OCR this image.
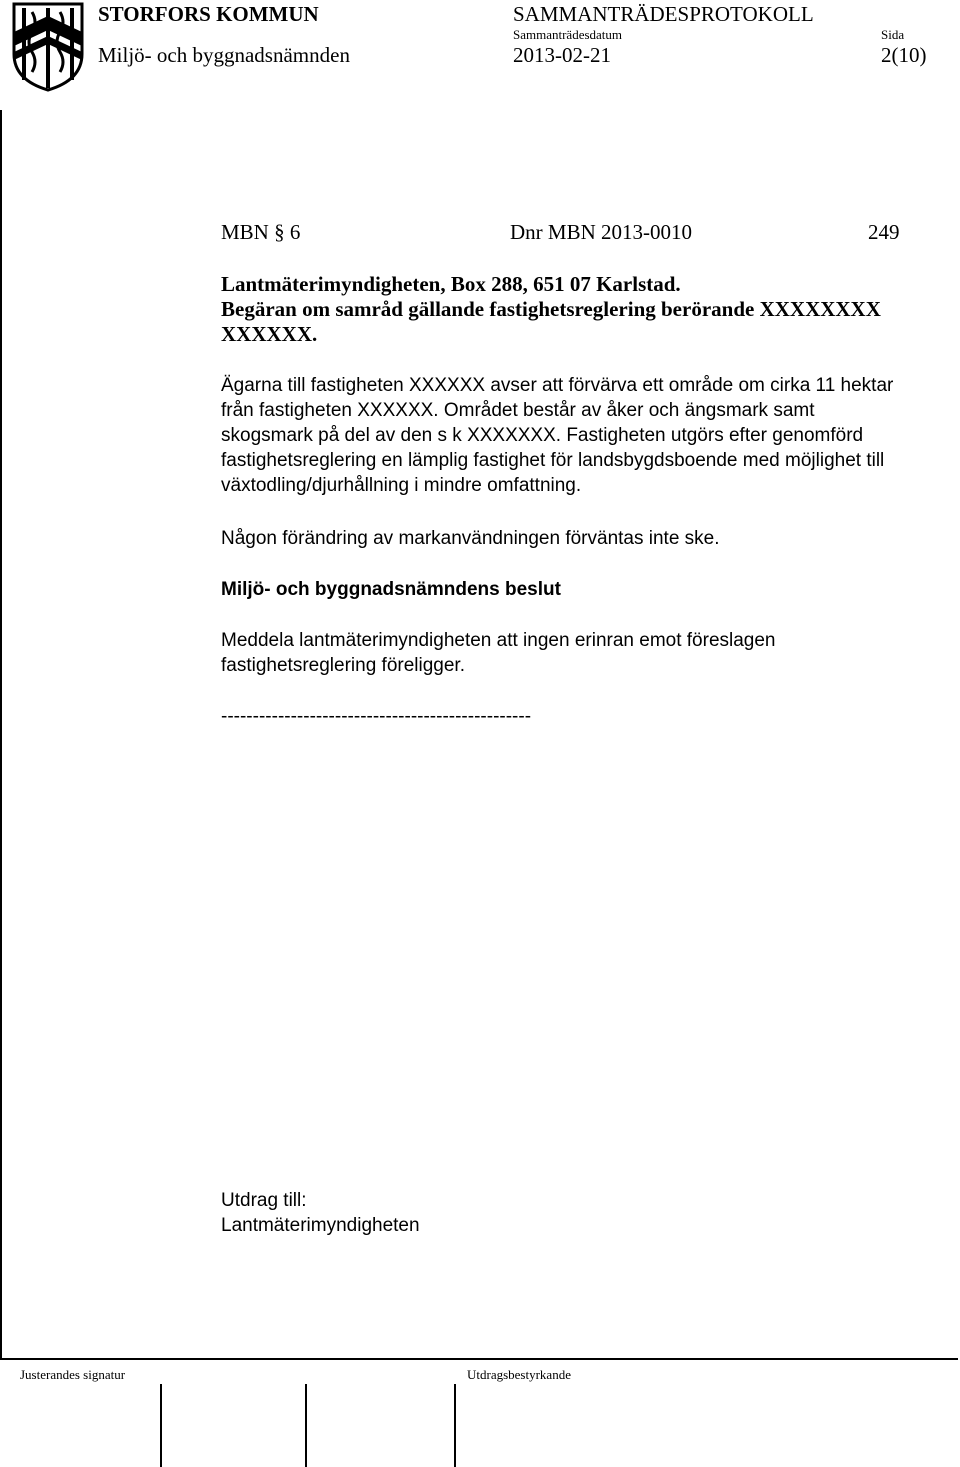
STORFORS KOMMUN
Miljö- och byggnadsnämnden
SAMMANTRÄDESPROTOKOLL
Sammanträdesdatum
2013-02-21
Sida
2(10)
MBN § 6	Dnr MBN 2013-0010	249
Lantmäterimyndigheten, Box 288, 651 07 Karlstad.
Begäran om samråd gällande fastighetsreglering berörande XXXXXXXX
XXXXXX.
Ägarna till fastigheten XXXXXX avser att förvärva ett område om cirka 11 hektar
från fastigheten XXXXXX. Området består av åker och ängsmark samt
skogsmark på del av den s k XXXXXXX. Fastigheten utgörs efter genomförd
fastighetsreglering en lämplig fastighet för landsbygdsboende med möjlighet till
växtodling/djurhållning i mindre omfattning.
Någon förändring av markanvändningen förväntas inte ske.
Miljö- och byggnadsnämndens beslut
Meddela lantmäterimyndigheten att ingen erinran emot föreslagen
fastighetsreglering föreligger.
-------------------------------------------------
Utdrag till:
Lantmäterimyndigheten
Justerandes signatur	Utdragsbestyrkande
